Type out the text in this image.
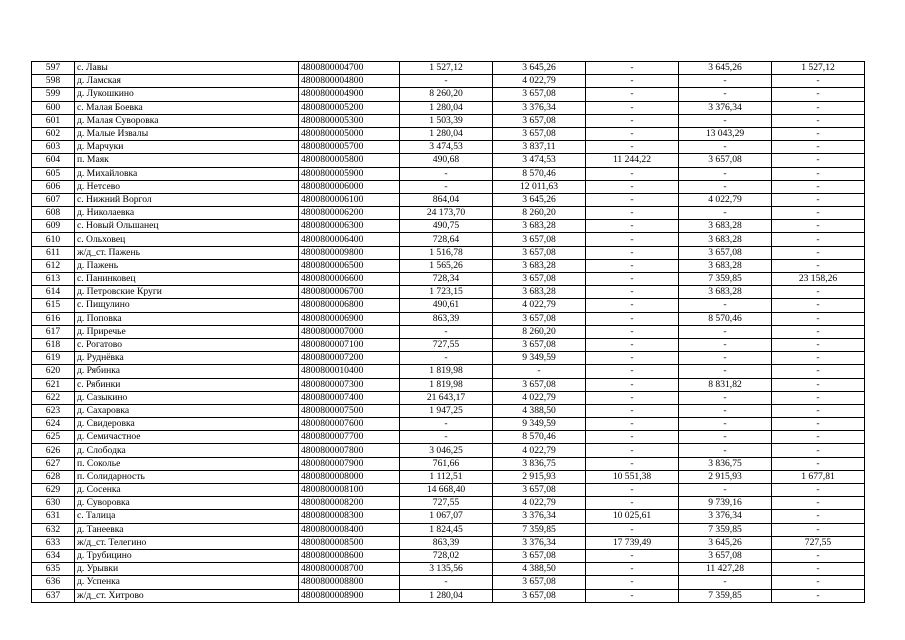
597	с. Лавы	4800800004700	1 527,12	3 645,26	-	3 645,26	1 527,12
598	д. Ламская	4800800004800	-	4 022,79	-	-	-
599	д. Лукошкино	4800800004900	8 260,20	3 657,08	-	-	-
600	с. Малая Боевка	4800800005200	1 280,04	3 376,34	-	3 376,34	-
601	д. Малая Суворовка	4800800005300	1 503,39	3 657,08	-	-	-
602	д. Малые Извалы	4800800005000	1 280,04	3 657,08	-	13 043,29	-
603	д. Марчуки	4800800005700	3 474,53	3 837,11	-	-	-
604	п. Маяк	4800800005800	490,68	3 474,53	11 244,22	3 657,08	-
605	д. Михайловка	4800800005900	-	8 570,46	-	-	-
606	д. Нетсево	4800800006000	-	12 011,63	-	-	-
607	с. Нижний Воргол	4800800006100	864,04	3 645,26	-	4 022,79	-
608	д. Николаевка	4800800006200	24 173,70	8 260,20	-	-	-
609	с. Новый Ольшанец	4800800006300	490,75	3 683,28	-	3 683,28	-
610	с. Ольховец	4800800006400	728,64	3 657,08	-	3 683,28	-
611	ж/д_ст. Пажень	4800800009800	1 516,78	3 657,08	-	3 657,08	-
612	д. Пажень	4800800006500	1 565,26	3 683,28	-	3 683,28	-
613	с. Панинковец	4800800006600	728,34	3 657,08	-	7 359,85	23 158,26
614	д. Петровские Круги	4800800006700	1 723,15	3 683,28	-	3 683,28	-
615	с. Пищулино	4800800006800	490,61	4 022,79	-	-	-
616	д. Поповка	4800800006900	863,39	3 657,08	-	8 570,46	-
617	д. Приречье	4800800007000	-	8 260,20	-	-	-
618	с. Рогатово	4800800007100	727,55	3 657,08	-	-	-
619	д. Руднёвка	4800800007200	-	9 349,59	-	-	-
620	д. Рябинка	4800800010400	1 819,98	-	-	-	-
621	с. Рябинки	4800800007300	1 819,98	3 657,08	-	8 831,82	-
622	д. Сазыкино	4800800007400	21 643,17	4 022,79	-	-	-
623	д. Сахаровка	4800800007500	1 947,25	4 388,50	-	-	-
624	д. Свидеровка	4800800007600	-	9 349,59	-	-	-
625	д. Семичастное	4800800007700	-	8 570,46	-	-	-
626	д. Слободка	4800800007800	3 046,25	4 022,79	-	-	-
627	п. Сокольe	4800800007900	761,66	3 836,75	-	3 836,75	-
628	п. Солидарность	4800800008000	1 112,51	2 915,93	10 551,38	2 915,93	1 677,81
629	д. Сосенка	4800800008100	14 668,40	3 657,08	-	-	-
630	д. Суворовка	4800800008200	727,55	4 022,79	-	9 739,16	-
631	с. Талица	4800800008300	1 067,07	3 376,34	10 025,61	3 376,34	-
632	д. Танеевка	4800800008400	1 824,45	7 359,85	-	7 359,85	-
633	ж/д_ст. Телегино	4800800008500	863,39	3 376,34	17 739,49	3 645,26	727,55
634	д. Трубицино	4800800008600	728,02	3 657,08	-	3 657,08	-
635	д. Урывки	4800800008700	3 135,56	4 388,50	-	11 427,28	-
636	д. Успенка	4800800008800	-	3 657,08	-	-	-
637	ж/д_ст. Хитрово	4800800008900	1 280,04	3 657,08	-	7 359,85	-
